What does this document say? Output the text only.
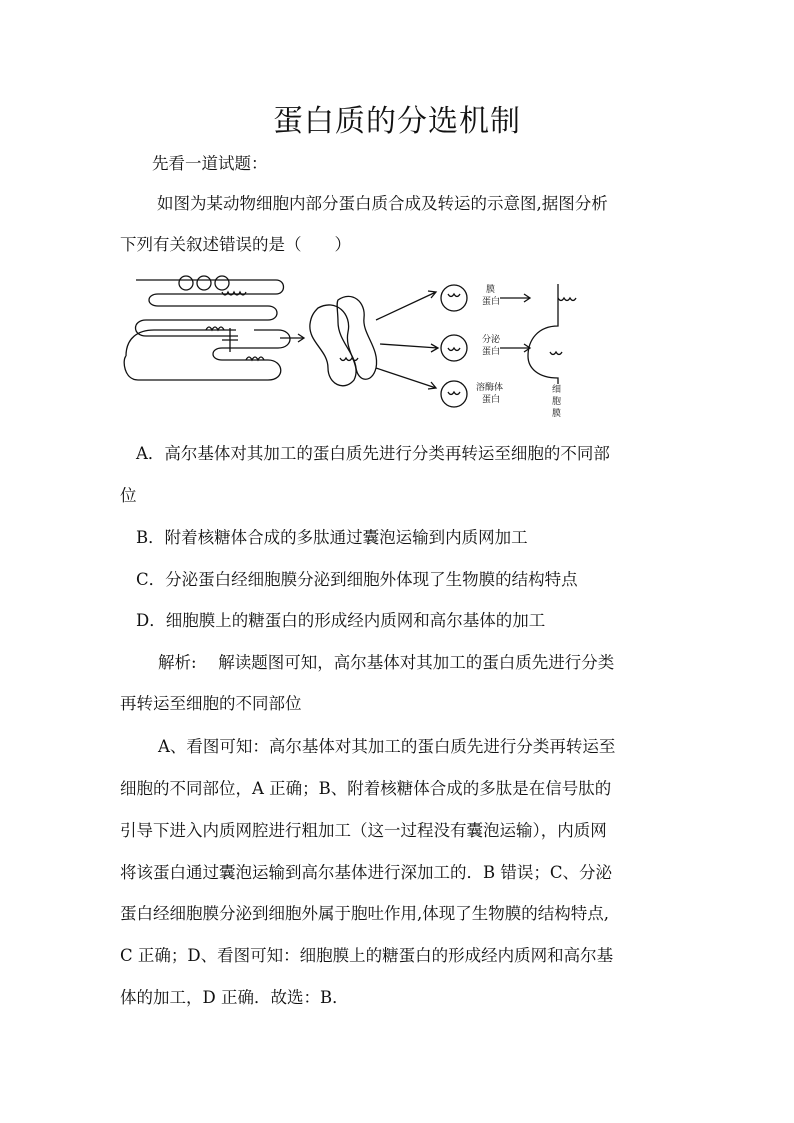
蛋白质的分选机制
先看一道试题：
如图为某动物细胞内部分蛋白质合成及转运的示意图,据图分析
下列有关叙述错误的是（　　）
膜
蛋白
分泌
蛋白
溶酶体
蛋白
细
胞
膜
A．高尔基体对其加工的蛋白质先进行分类再转运至细胞的不同部
位
B．附着核糖体合成的多肽通过囊泡运输到内质网加工
C．分泌蛋白经细胞膜分泌到细胞外体现了生物膜的结构特点
D．细胞膜上的糖蛋白的形成经内质网和高尔基体的加工
解析:　 解读题图可知，高尔基体对其加工的蛋白质先进行分类
再转运至细胞的不同部位
A、看图可知：高尔基体对其加工的蛋白质先进行分类再转运至
细胞的不同部位，A 正确；B、附着核糖体合成的多肽是在信号肽的
引导下进入内质网腔进行粗加工（这一过程没有囊泡运输），内质网
将该蛋白通过囊泡运输到高尔基体进行深加工的．B 错误；C、分泌
蛋白经细胞膜分泌到细胞外属于胞吐作用,体现了生物膜的结构特点,
C 正确；D、看图可知：细胞膜上的糖蛋白的形成经内质网和高尔基
体的加工，D 正确．故选：B．
